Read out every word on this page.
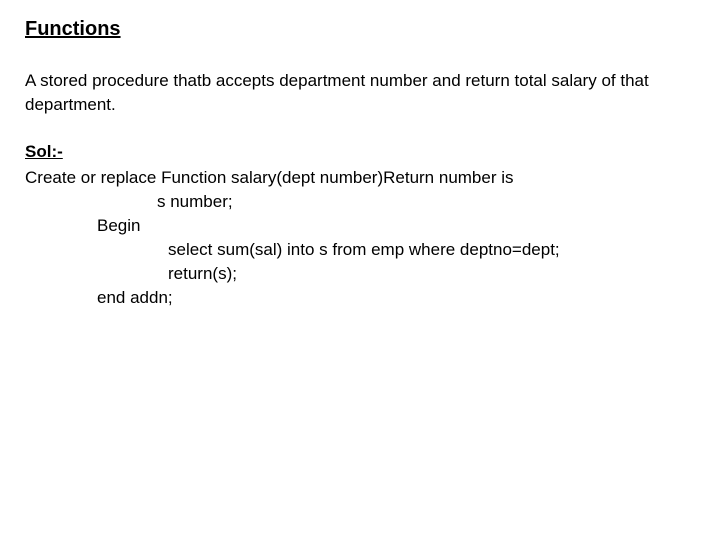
Functions
A stored procedure thatb accepts department number and return total salary of that department.
Sol:-
Create or replace Function salary(dept number)Return number is
s number;
Begin
select sum(sal) into s from emp where deptno=dept;
return(s);
end addn;
